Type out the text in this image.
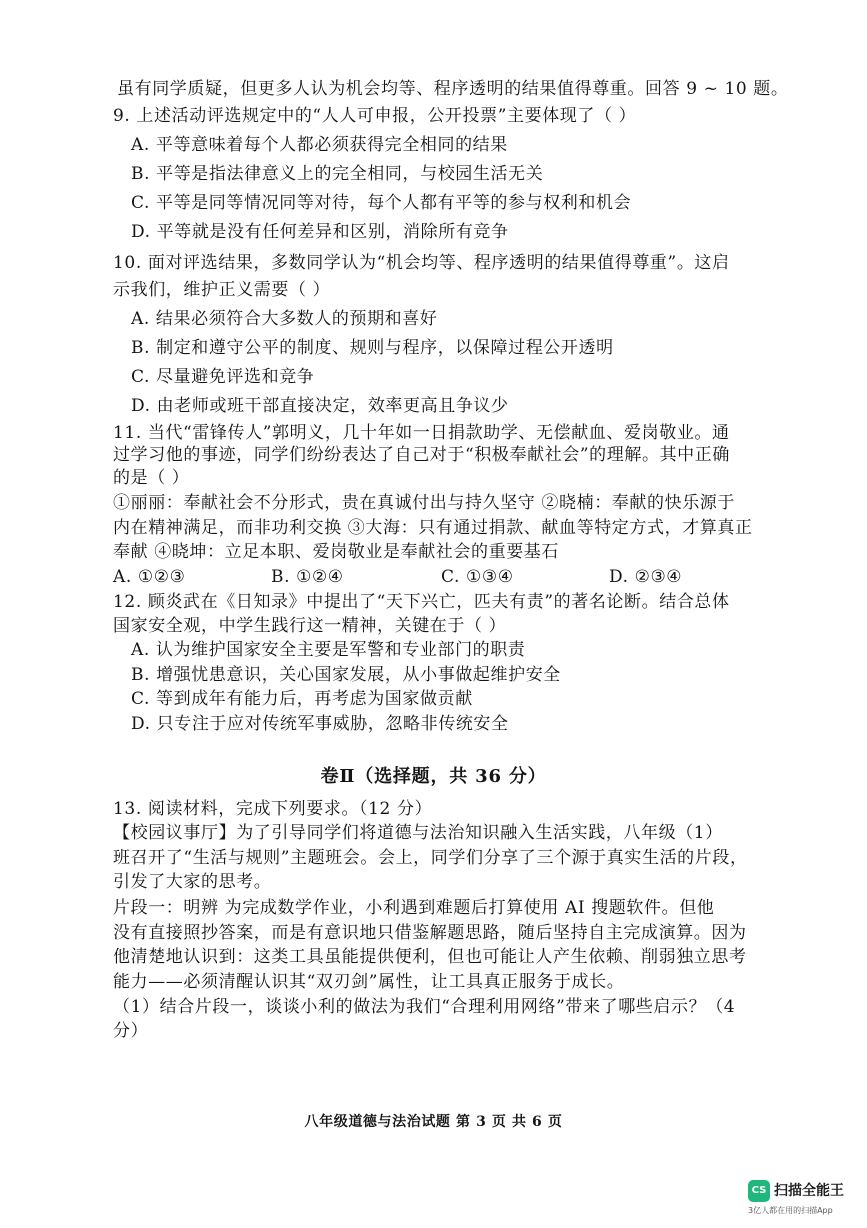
虽有同学质疑，但更多人认为机会均等、程序透明的结果值得尊重。回答 9 ~ 10 题。
9. 上述活动评选规定中的“人人可申报，公开投票”主要体现了（ ）
A. 平等意味着每个人都必须获得完全相同的结果
B. 平等是指法律意义上的完全相同，与校园生活无关
C. 平等是同等情况同等对待，每个人都有平等的参与权利和机会
D. 平等就是没有任何差异和区别，消除所有竞争
10. 面对评选结果，多数同学认为“机会均等、程序透明的结果值得尊重”。这启
示我们，维护正义需要（ ）
A. 结果必须符合大多数人的预期和喜好
B. 制定和遵守公平的制度、规则与程序，以保障过程公开透明
C. 尽量避免评选和竞争
D. 由老师或班干部直接决定，效率更高且争议少
11. 当代“雷锋传人”郭明义，几十年如一日捐款助学、无偿献血、爱岗敬业。通
过学习他的事迹，同学们纷纷表达了自己对于“积极奉献社会”的理解。其中正确
的是（ ）
①丽丽：奉献社会不分形式，贵在真诚付出与持久坚守 ②晓楠：奉献的快乐源于
内在精神满足，而非功利交换 ③大海：只有通过捐款、献血等特定方式，才算真正
奉献 ④晓坤：立足本职、爱岗敬业是奉献社会的重要基石
A. ①②③	B. ①②④	C. ①③④	D. ②③④
12. 顾炎武在《日知录》中提出了“天下兴亡，匹夫有责”的著名论断。结合总体
国家安全观，中学生践行这一精神，关键在于（ ）
A. 认为维护国家安全主要是军警和专业部门的职责
B. 增强忧患意识，关心国家发展，从小事做起维护安全
C. 等到成年有能力后，再考虑为国家做贡献
D. 只专注于应对传统军事威胁，忽略非传统安全
卷Ⅱ（选择题，共 36 分）
13. 阅读材料，完成下列要求。（12 分）
【校园议事厅】为了引导同学们将道德与法治知识融入生活实践，八年级（1）
班召开了“生活与规则”主题班会。会上，同学们分享了三个源于真实生活的片段，
引发了大家的思考。
片段一：明辨 为完成数学作业，小利遇到难题后打算使用 AI 搜题软件。但他
没有直接照抄答案，而是有意识地只借鉴解题思路，随后坚持自主完成演算。因为
他清楚地认识到：这类工具虽能提供便利，但也可能让人产生依赖、削弱独立思考
能力——必须清醒认识其“双刃剑”属性，让工具真正服务于成长。
（1）结合片段一，谈谈小利的做法为我们“合理利用网络”带来了哪些启示？（4
分）
八年级道德与法治试题 第 3 页 共 6 页
CS 扫描全能王
3亿人都在用的扫描App
